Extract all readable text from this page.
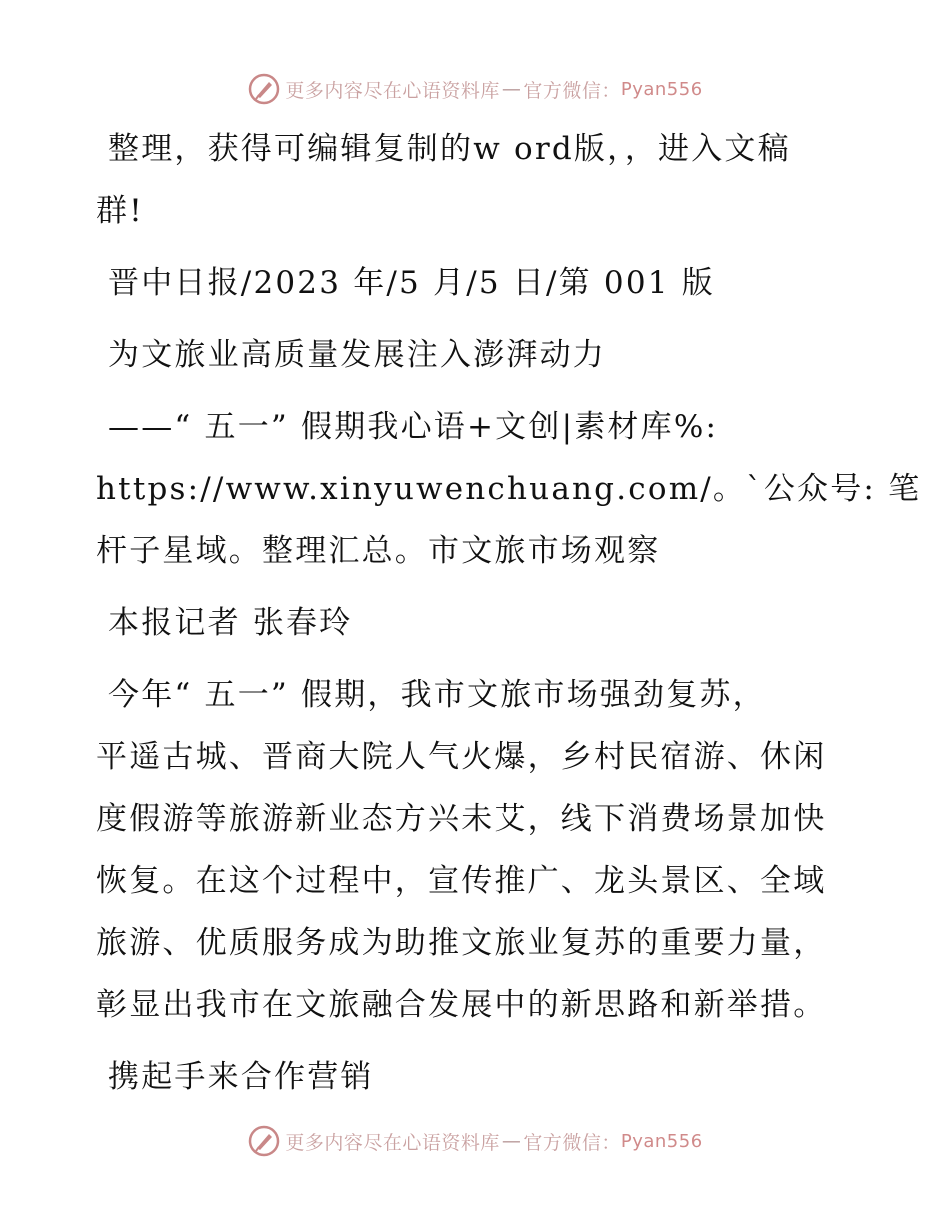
更多内容尽在心语资料库 — 官方微信： Pyan556
整理，获得可编辑复制的w ord版，，进入文稿
群!
晋中日报/2023 年/5 月/5 日/第 001 版
为文旅业高质量发展注入澎湃动力
——“ 五一” 假期我心语+文创|素材库%:
https://www.xinyuwenchuang.com/。`公众号: 笔
杆子星域。整理汇总。市文旅市场观察
本报记者 张春玲
今年“ 五一” 假期，我市文旅市场强劲复苏，
平遥古城、晋商大院人气火爆，乡村民宿游、休闲
度假游等旅游新业态方兴未艾，线下消费场景加快
恢复。在这个过程中，宣传推广、龙头景区、全域
旅游、优质服务成为助推文旅业复苏的重要力量，
彰显出我市在文旅融合发展中的新思路和新举措。
携起手来合作营销
更多内容尽在心语资料库 — 官方微信： Pyan556
